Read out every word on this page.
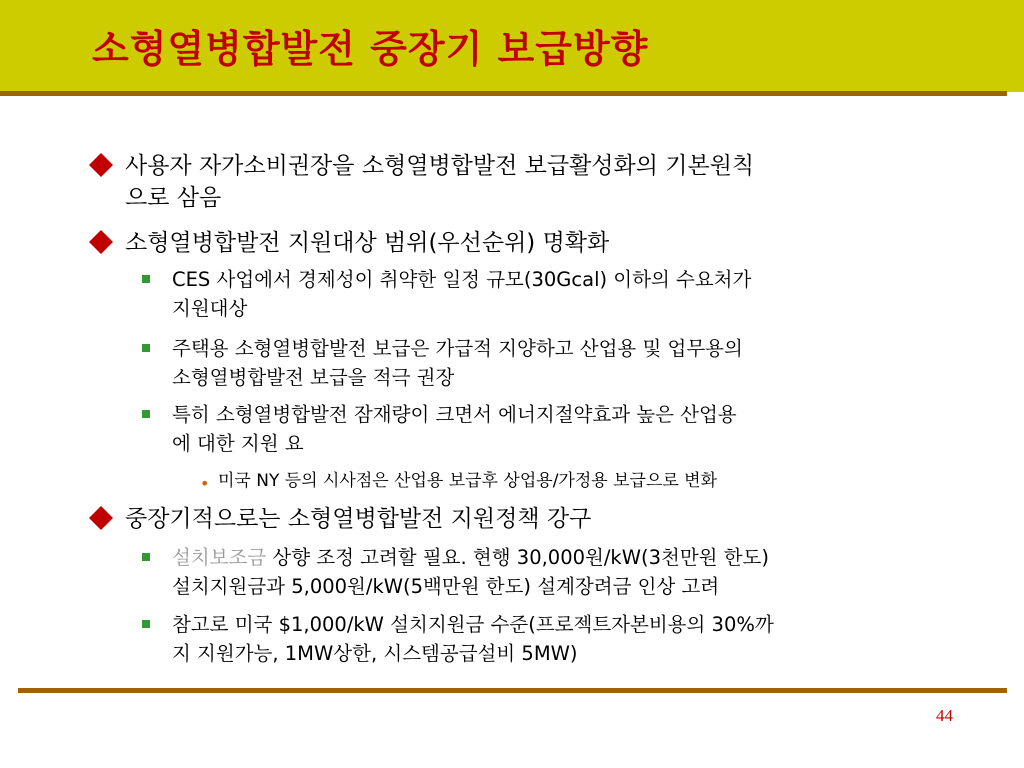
소형열병합발전 중장기 보급방향
사용자 자가소비권장을 소형열병합발전 보급활성화의 기본원칙
으로 삼음
소형열병합발전 지원대상 범위(우선순위) 명확화
CES 사업에서 경제성이 취약한 일정 규모(30Gcal) 이하의 수요처가
지원대상
주택용 소형열병합발전 보급은 가급적 지양하고 산업용 및 업무용의
소형열병합발전 보급을 적극 권장
특히 소형열병합발전 잠재량이 크면서 에너지절약효과 높은 산업용
에 대한 지원 요
• 미국 NY 등의 시사점은 산업용 보급후 상업용/가정용 보급으로 변화
중장기적으로는 소형열병합발전 지원정책 강구
설치보조금 상향 조정 고려할 필요. 현행 30,000원/kW(3천만원 한도)
설치지원금과 5,000원/kW(5백만원 한도) 설계장려금 인상 고려
참고로 미국 $1,000/kW 설치지원금 수준(프로젝트자본비용의 30%까
지 지원가능, 1MW상한, 시스템공급설비 5MW)
44
